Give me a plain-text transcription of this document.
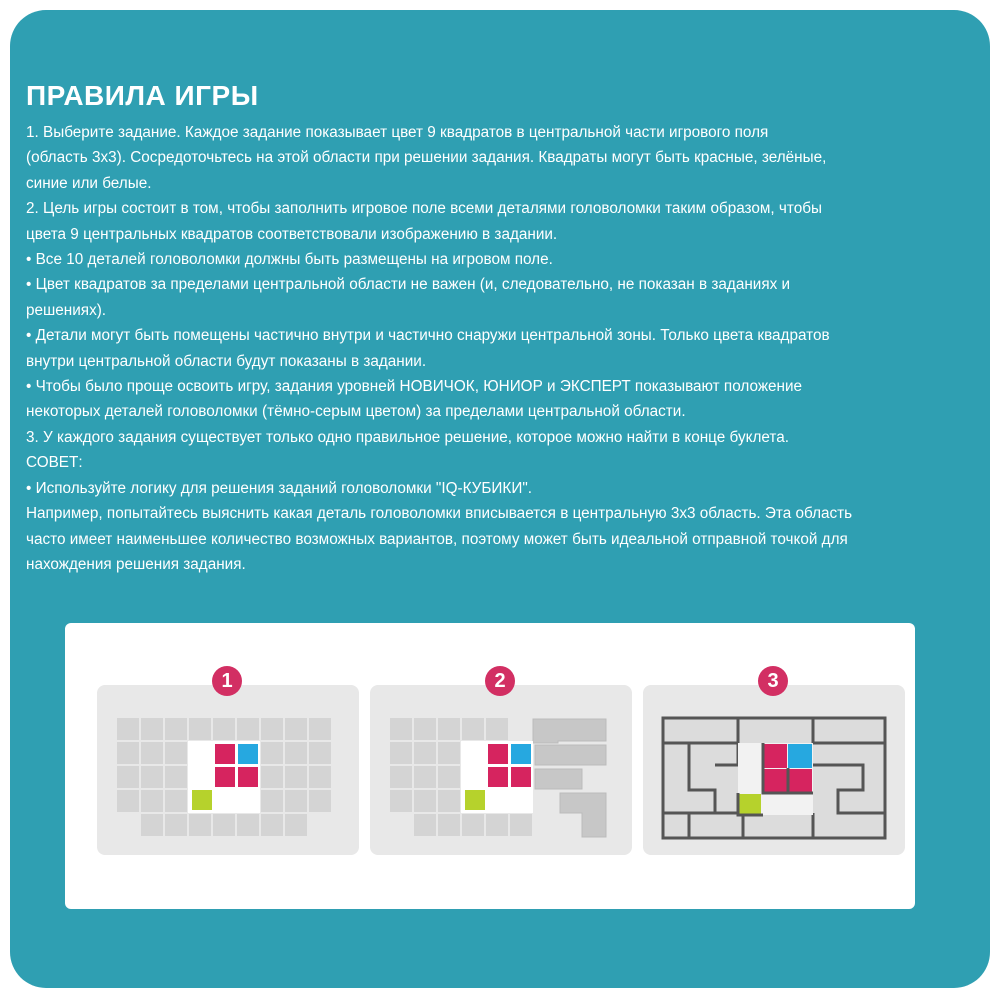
ПРАВИЛА ИГРЫ
1. Выберите задание. Каждое задание показывает цвет 9 квадратов в центральной части игрового поля
(область 3х3). Сосредоточьтесь на этой области при решении задания. Квадраты могут быть красные, зелёные,
синие или белые.
2. Цель игры состоит в том, чтобы заполнить игровое поле всеми деталями головоломки таким образом, чтобы
цвета 9 центральных квадратов соответствовали изображению в задании.
• Все 10 деталей головоломки должны быть размещены на игровом поле.
• Цвет квадратов за пределами центральной области не важен (и, следовательно, не показан в заданиях и
решениях).
• Детали могут быть помещены частично внутри и частично снаружи центральной зоны. Только цвета квадратов
внутри центральной области будут показаны в задании.
• Чтобы было проще освоить игру, задания уровней НОВИЧОК, ЮНИОР и ЭКСПЕРТ показывают положение
некоторых деталей головоломки (тёмно-серым цветом) за пределами центральной области.
3. У каждого задания существует только одно правильное решение, которое можно найти в конце буклета.
СОВЕТ:
• Используйте логику для решения заданий головоломки "IQ-КУБИКИ".
Например, попытайтесь выяснить какая деталь головоломки вписывается в центральную 3х3 область. Эта область
часто имеет наименьшее количество возможных вариантов, поэтому может быть идеальной отправной точкой для
нахождения решения задания.
1	2	3
